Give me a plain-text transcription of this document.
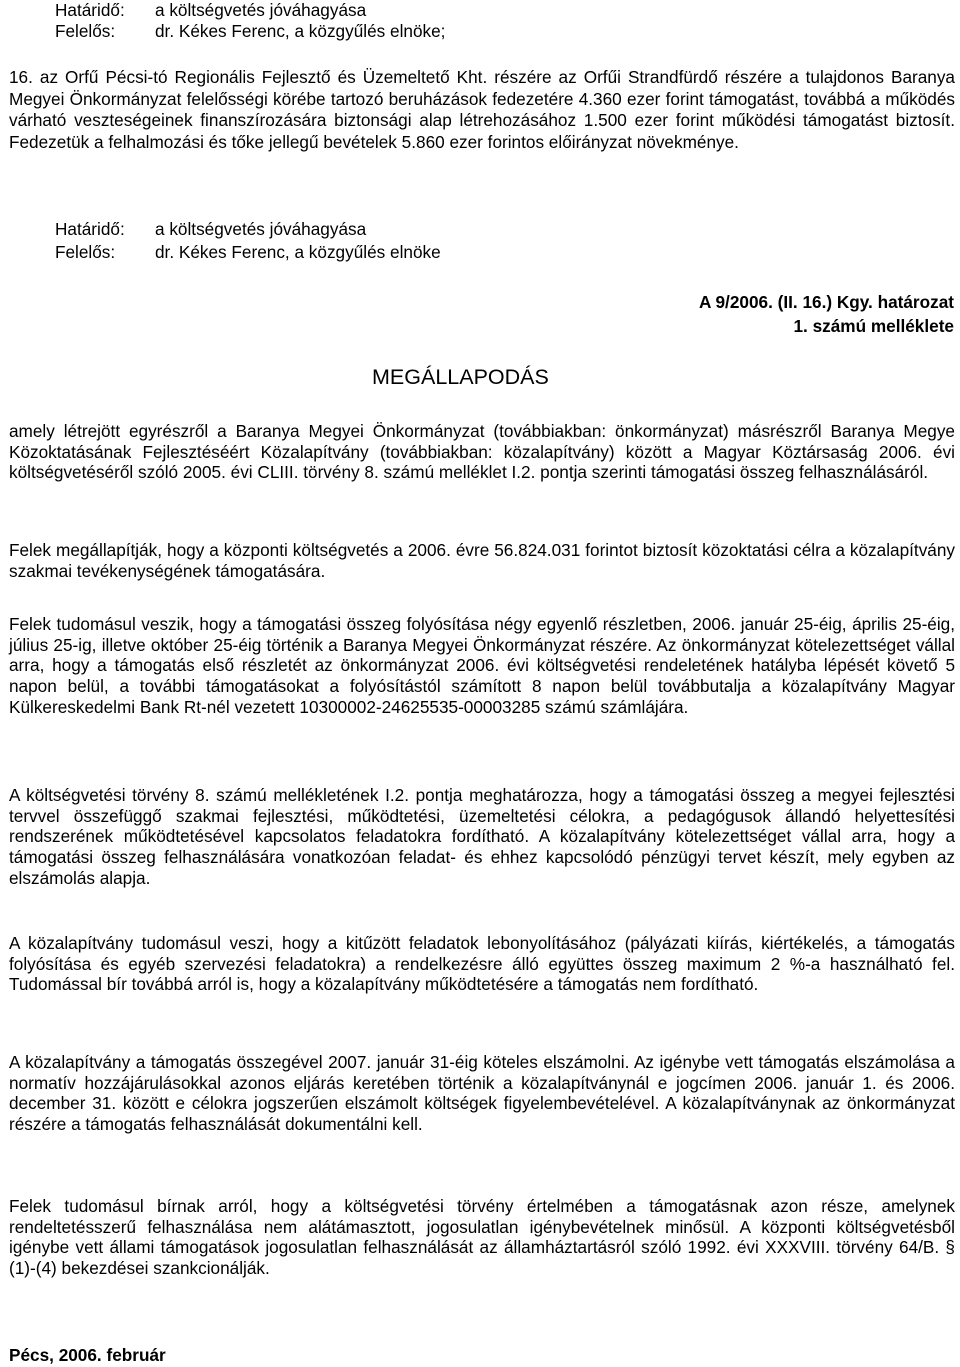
Határidő: a költségvetés jóváhagyása
Felelős: dr. Kékes Ferenc, a közgyűlés elnöke;

16. az Orfű Pécsi-tó Regionális Fejlesztő és Üzemeltető Kht. részére az Orfűi Strandfürdő részére a tulajdonos Baranya Megyei Önkormányzat felelősségi körébe tartozó beruházások fedezetére 4.360 ezer forint támogatást, továbbá a működés várható veszteségeinek finanszírozására biztonsági alap létrehozásához 1.500 ezer forint működési támogatást biztosít. Fedezetük a felhalmozási és tőke jellegű bevételek 5.860 ezer forintos előirányzat növekménye.

Határidő: a költségvetés jóváhagyása
Felelős: dr. Kékes Ferenc, a közgyűlés elnöke
A 9/2006. (II. 16.) Kgy. határozat
1. számú melléklete
MEGÁLLAPODÁS

amely létrejött egyrészről a Baranya Megyei Önkormányzat (továbbiakban: önkormányzat) másrészről Baranya Megye Közoktatásának Fejlesztéséért Közalapítvány (továbbiakban: közalapítvány) között a Magyar Köztársaság 2006. évi költségvetéséről szóló 2005. évi CLIII. törvény 8. számú melléklet I.2. pontja szerinti támogatási összeg felhasználásáról.

Felek megállapítják, hogy a központi költségvetés a 2006. évre 56.824.031 forintot biztosít közoktatási célra a közalapítvány szakmai tevékenységének támogatására.

Felek tudomásul veszik, hogy a támogatási összeg folyósítása négy egyenlő részletben, 2006. január 25-éig, április 25-éig, július 25-ig, illetve október 25-éig történik a Baranya Megyei Önkormányzat részére. Az önkormányzat kötelezettséget vállal arra, hogy a támogatás első részletét az önkormányzat 2006. évi költségvetési rendeletének hatályba lépését követő 5 napon belül, a további támogatásokat a folyósítástól számított 8 napon belül továbbutalja a közalapítvány Magyar Külkereskedelmi Bank Rt-nél vezetett 10300002-24625535-00003285 számú számlájára.

A költségvetési törvény 8. számú mellékletének I.2. pontja meghatározza, hogy a támogatási összeg a megyei fejlesztési tervvel összefüggő szakmai fejlesztési, működtetési, üzemeltetési célokra, a pedagógusok állandó helyettesítési rendszerének működtetésével kapcsolatos feladatokra fordítható. A közalapítvány kötelezettséget vállal arra, hogy a támogatási összeg felhasználására vonatkozóan feladat- és ehhez kapcsolódó pénzügyi tervet készít, mely egyben az elszámolás alapja.

A közalapítvány tudomásul veszi, hogy a kitűzött feladatok lebonyolításához (pályázati kiírás, kiértékelés, a támogatás folyósítása és egyéb szervezési feladatokra) a rendelkezésre álló együttes összeg maximum 2 %-a használható fel. Tudomással bír továbbá arról is, hogy a közalapítvány működtetésére a támogatás nem fordítható.

A közalapítvány a támogatás összegével 2007. január 31-éig köteles elszámolni. Az igénybe vett támogatás elszámolása a normatív hozzájárulásokkal azonos eljárás keretében történik a közalapítványnál e jogcímen 2006. január 1. és 2006. december 31. között e célokra jogszerűen elszámolt költségek figyelembevételével. A közalapítványnak az önkormányzat részére a támogatás felhasználását dokumentálni kell.

Felek tudomásul bírnak arról, hogy a költségvetési törvény értelmében a támogatásnak azon része, amelynek rendeltetésszerű felhasználása nem alátámasztott, jogosulatlan igénybevételnek minősül. A központi költségvetésből igénybe vett állami támogatások jogosulatlan felhasználását az államháztartásról szóló 1992. évi XXXVIII. törvény 64/B. § (1)-(4) bekezdései szankcionálják.

Pécs, 2006. február
